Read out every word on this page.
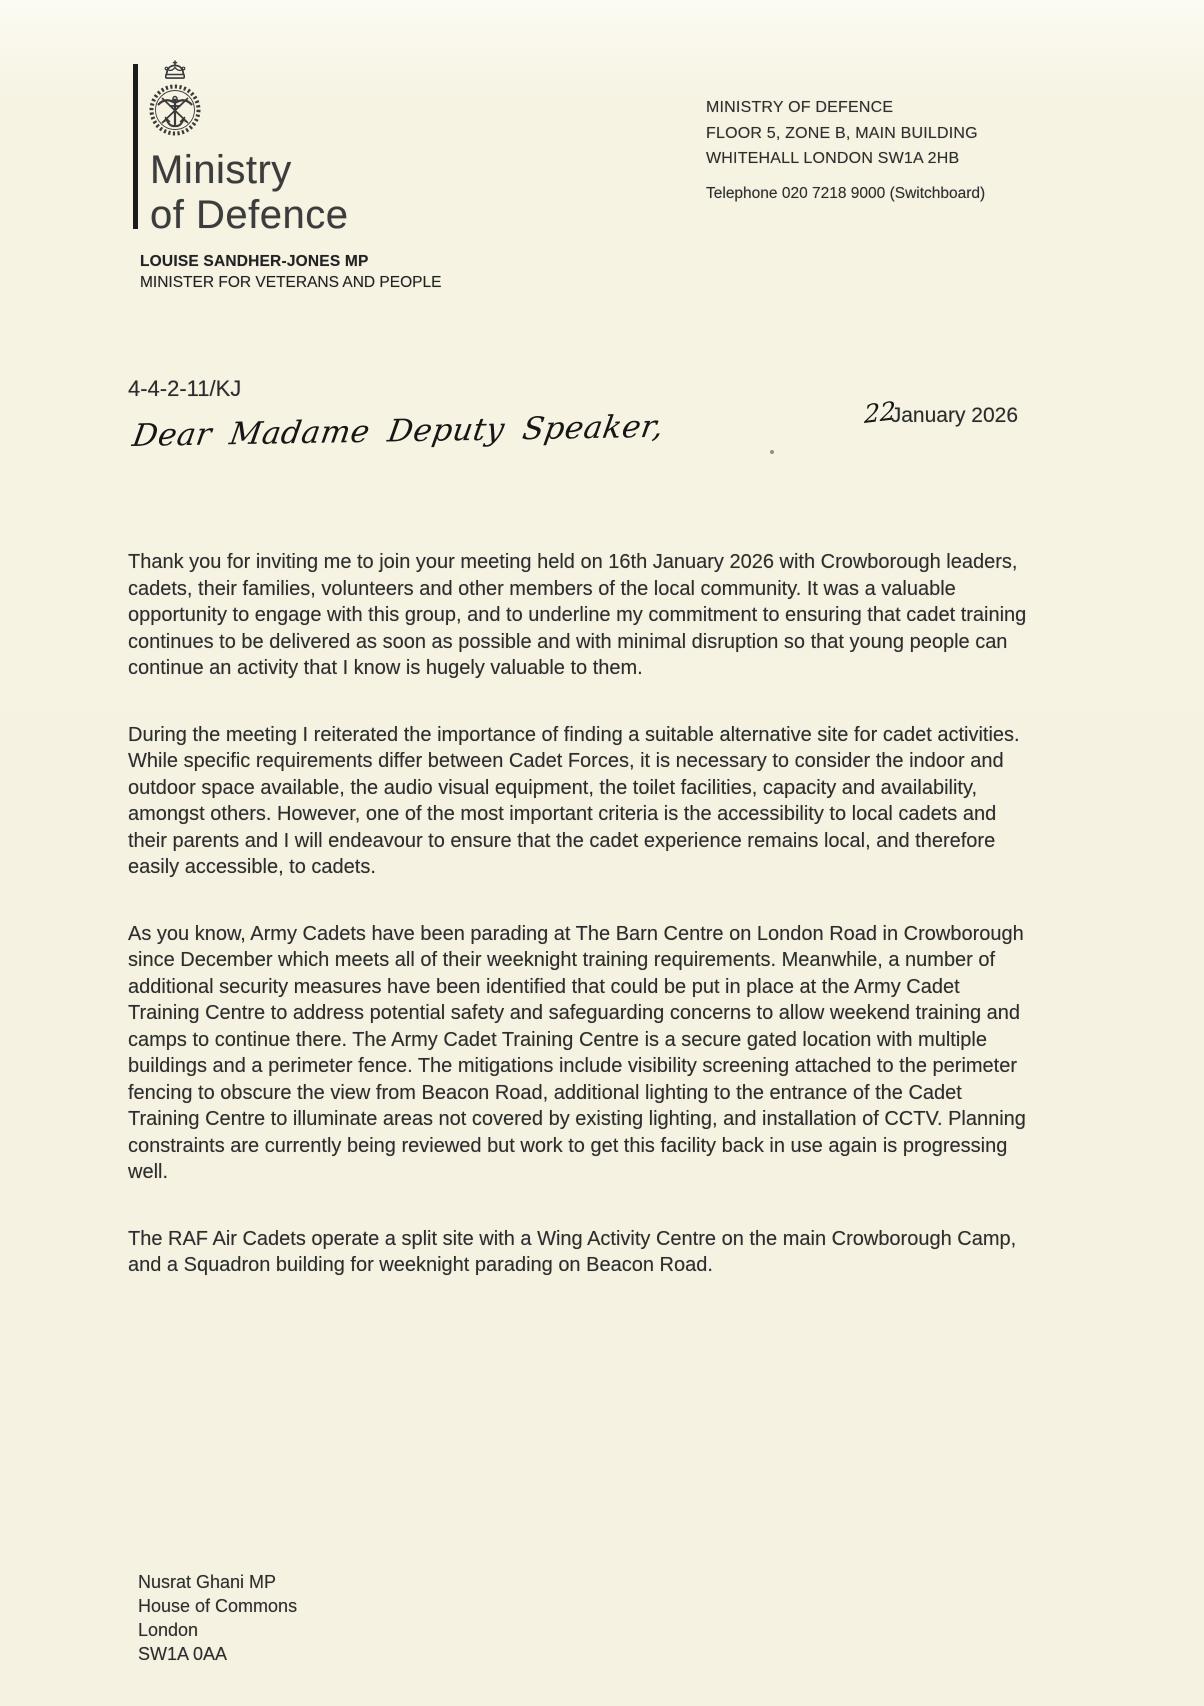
Ministry
of Defence
LOUISE SANDHER-JONES MP
MINISTER FOR VETERANS AND PEOPLE
MINISTRY OF DEFENCE
FLOOR 5, ZONE B, MAIN BUILDING
WHITEHALL LONDON SW1A 2HB
Telephone 020 7218 9000 (Switchboard)
4-4-2-11/KJ
22January 2026
Dear Madame Deputy Speaker,

Thank you for inviting me to join your meeting held on 16th January 2026 with Crowborough leaders, cadets, their families, volunteers and other members of the local community. It was a valuable opportunity to engage with this group, and to underline my commitment to ensuring that cadet training continues to be delivered as soon as possible and with minimal disruption so that young people can continue an activity that I know is hugely valuable to them.

During the meeting I reiterated the importance of finding a suitable alternative site for cadet activities. While specific requirements differ between Cadet Forces, it is necessary to consider the indoor and outdoor space available, the audio visual equipment, the toilet facilities, capacity and availability, amongst others. However, one of the most important criteria is the accessibility to local cadets and their parents and I will endeavour to ensure that the cadet experience remains local, and therefore easily accessible, to cadets.

As you know, Army Cadets have been parading at The Barn Centre on London Road in Crowborough since December which meets all of their weeknight training requirements. Meanwhile, a number of additional security measures have been identified that could be put in place at the Army Cadet Training Centre to address potential safety and safeguarding concerns to allow weekend training and camps to continue there. The Army Cadet Training Centre is a secure gated location with multiple buildings and a perimeter fence. The mitigations include visibility screening attached to the perimeter fencing to obscure the view from Beacon Road, additional lighting to the entrance of the Cadet Training Centre to illuminate areas not covered by existing lighting, and installation of CCTV. Planning constraints are currently being reviewed but work to get this facility back in use again is progressing well.

The RAF Air Cadets operate a split site with a Wing Activity Centre on the main Crowborough Camp, and a Squadron building for weeknight parading on Beacon Road.

Nusrat Ghani MP
House of Commons
London
SW1A 0AA
